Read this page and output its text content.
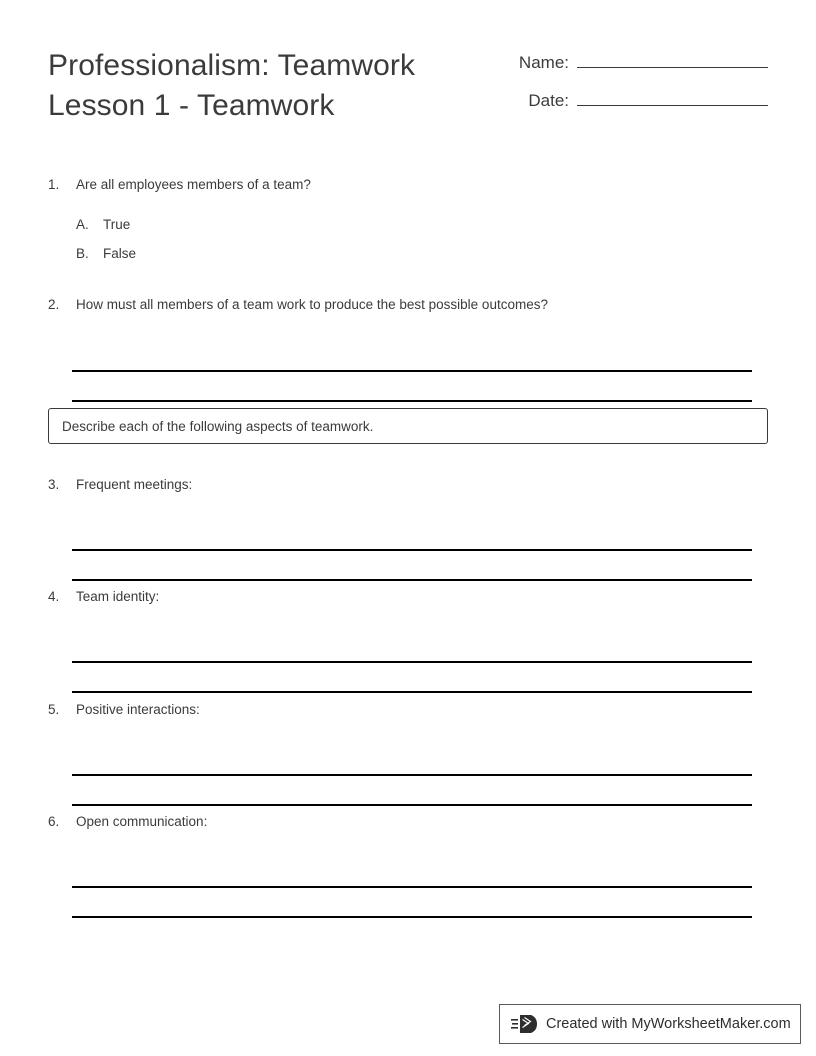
Professionalism: Teamwork
Lesson 1 - Teamwork
Name:
Date:
1.	Are all employees members of a team?
A.	True
B.	False
2.	How must all members of a team work to produce the best possible outcomes?
Describe each of the following aspects of teamwork.
3.	Frequent meetings:
4.	Team identity:
5.	Positive interactions:
6.	Open communication:
Created with MyWorksheetMaker.com
